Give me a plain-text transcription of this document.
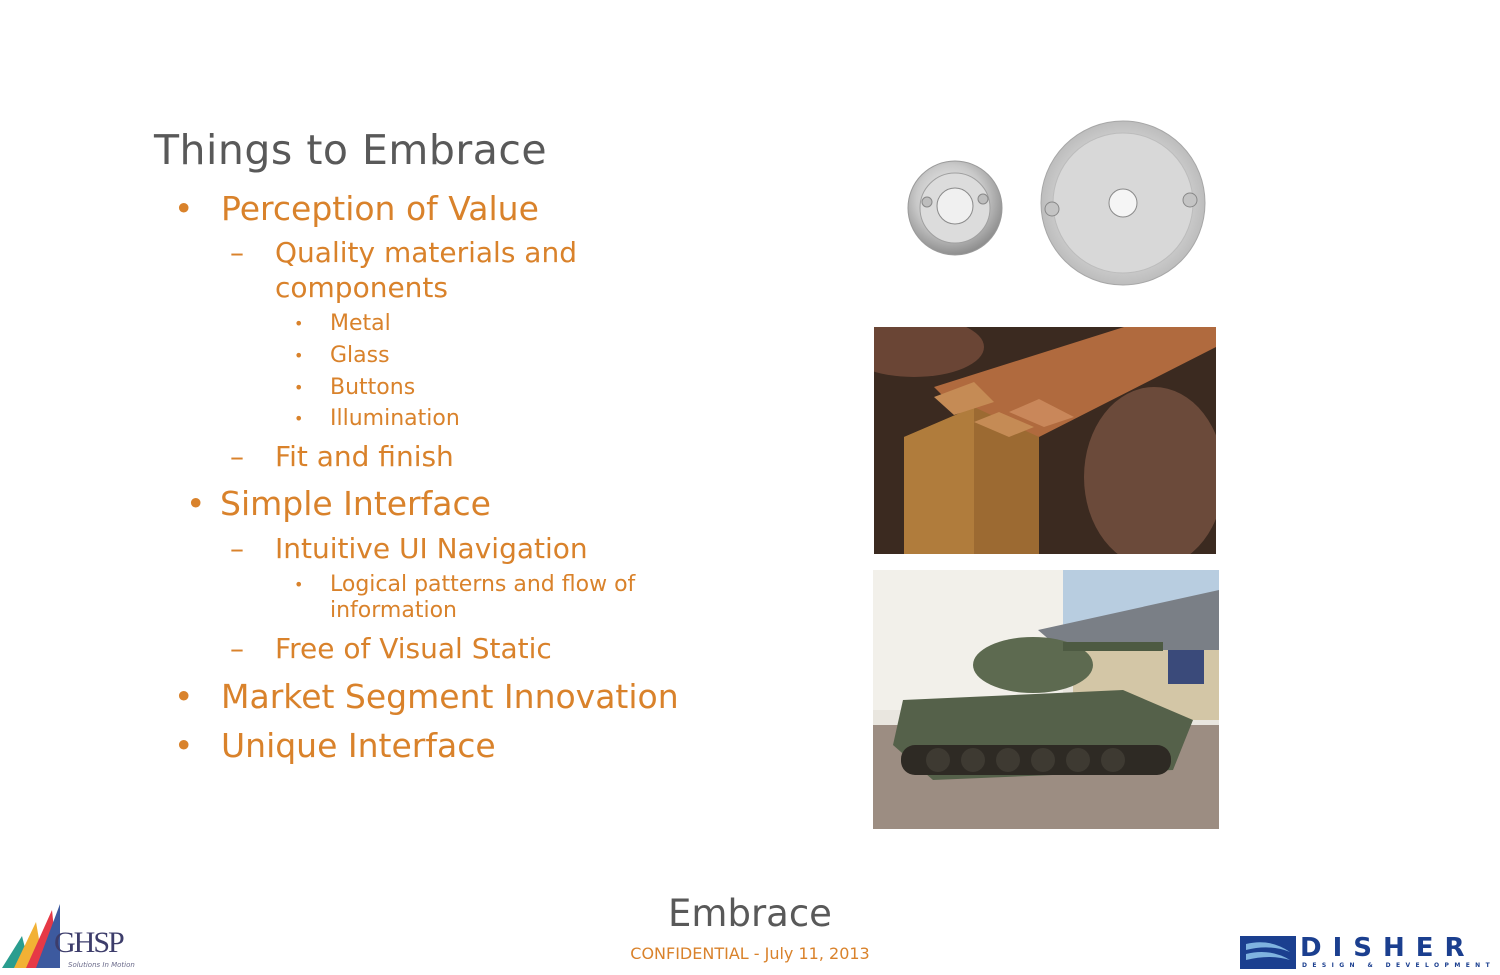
Things to Embrace
• Perception of Value
– Quality materials and
components
• Metal
• Glass
• Buttons
• Illumination
– Fit and finish
• Simple Interface
– Intuitive UI Navigation
• Logical patterns and flow of
information
– Free of Visual Static
• Market Segment Innovation
• Unique Interface
Embrace
CONFIDENTIAL - July 11, 2013
GHSP
Solutions In Motion
DISHER
DESIGN & DEVELOPMENT
